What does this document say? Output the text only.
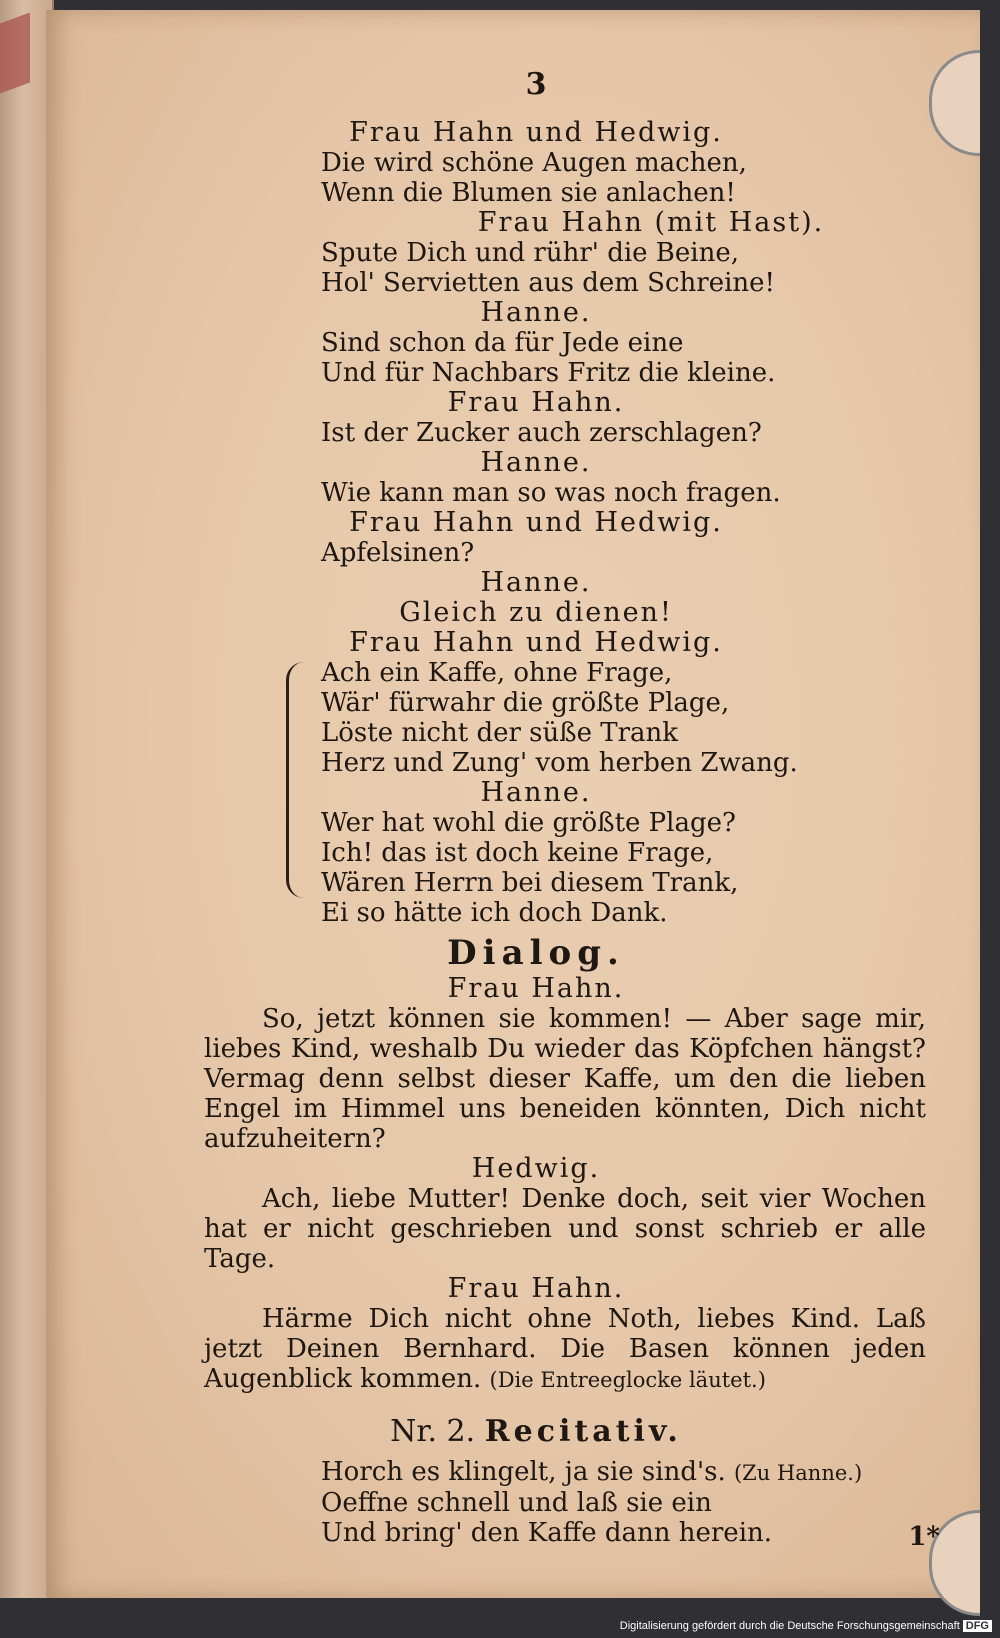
3
Frau Hahn und Hedwig.
Die wird schöne Augen machen,
Wenn die Blumen sie anlachen!
Frau Hahn (mit Hast).
Spute Dich und rühr' die Beine,
Hol' Servietten aus dem Schreine!
Hanne.
Sind schon da für Jede eine
Und für Nachbars Fritz die kleine.
Frau Hahn.
Ist der Zucker auch zerschlagen?
Hanne.
Wie kann man so was noch fragen.
Frau Hahn und Hedwig.
Apfelsinen?
Hanne.
Gleich zu dienen!
Frau Hahn und Hedwig.
Ach ein Kaffe, ohne Frage,
Wär' fürwahr die größte Plage,
Löste nicht der süße Trank
Herz und Zung' vom herben Zwang.
Hanne.
Wer hat wohl die größte Plage?
Ich! das ist doch keine Frage,
Wären Herrn bei diesem Trank,
Ei so hätte ich doch Dank.
Dialog.
Frau Hahn.

So, jetzt können sie kommen! — Aber sage mir, liebes Kind, weshalb Du wieder das Köpfchen hängst? Vermag denn selbst dieser Kaffe, um den die lieben Engel im Himmel uns beneiden könnten, Dich nicht aufzuheitern?

Hedwig.

Ach, liebe Mutter! Denke doch, seit vier Wochen hat er nicht geschrieben und sonst schrieb er alle Tage.

Frau Hahn.

Härme Dich nicht ohne Noth, liebes Kind. Laß jetzt Deinen Bernhard. Die Basen können jeden Augenblick kommen. (Die Entreeglocke läutet.)

Nr. 2. Recitativ.
Horch es klingelt, ja sie sind's. (Zu Hanne.)
Oeffne schnell und laß sie ein
Und bring' den Kaffe dann herein.	1*
Digitalisierung gefördert durch die Deutsche Forschungsgemeinschaft DFG
